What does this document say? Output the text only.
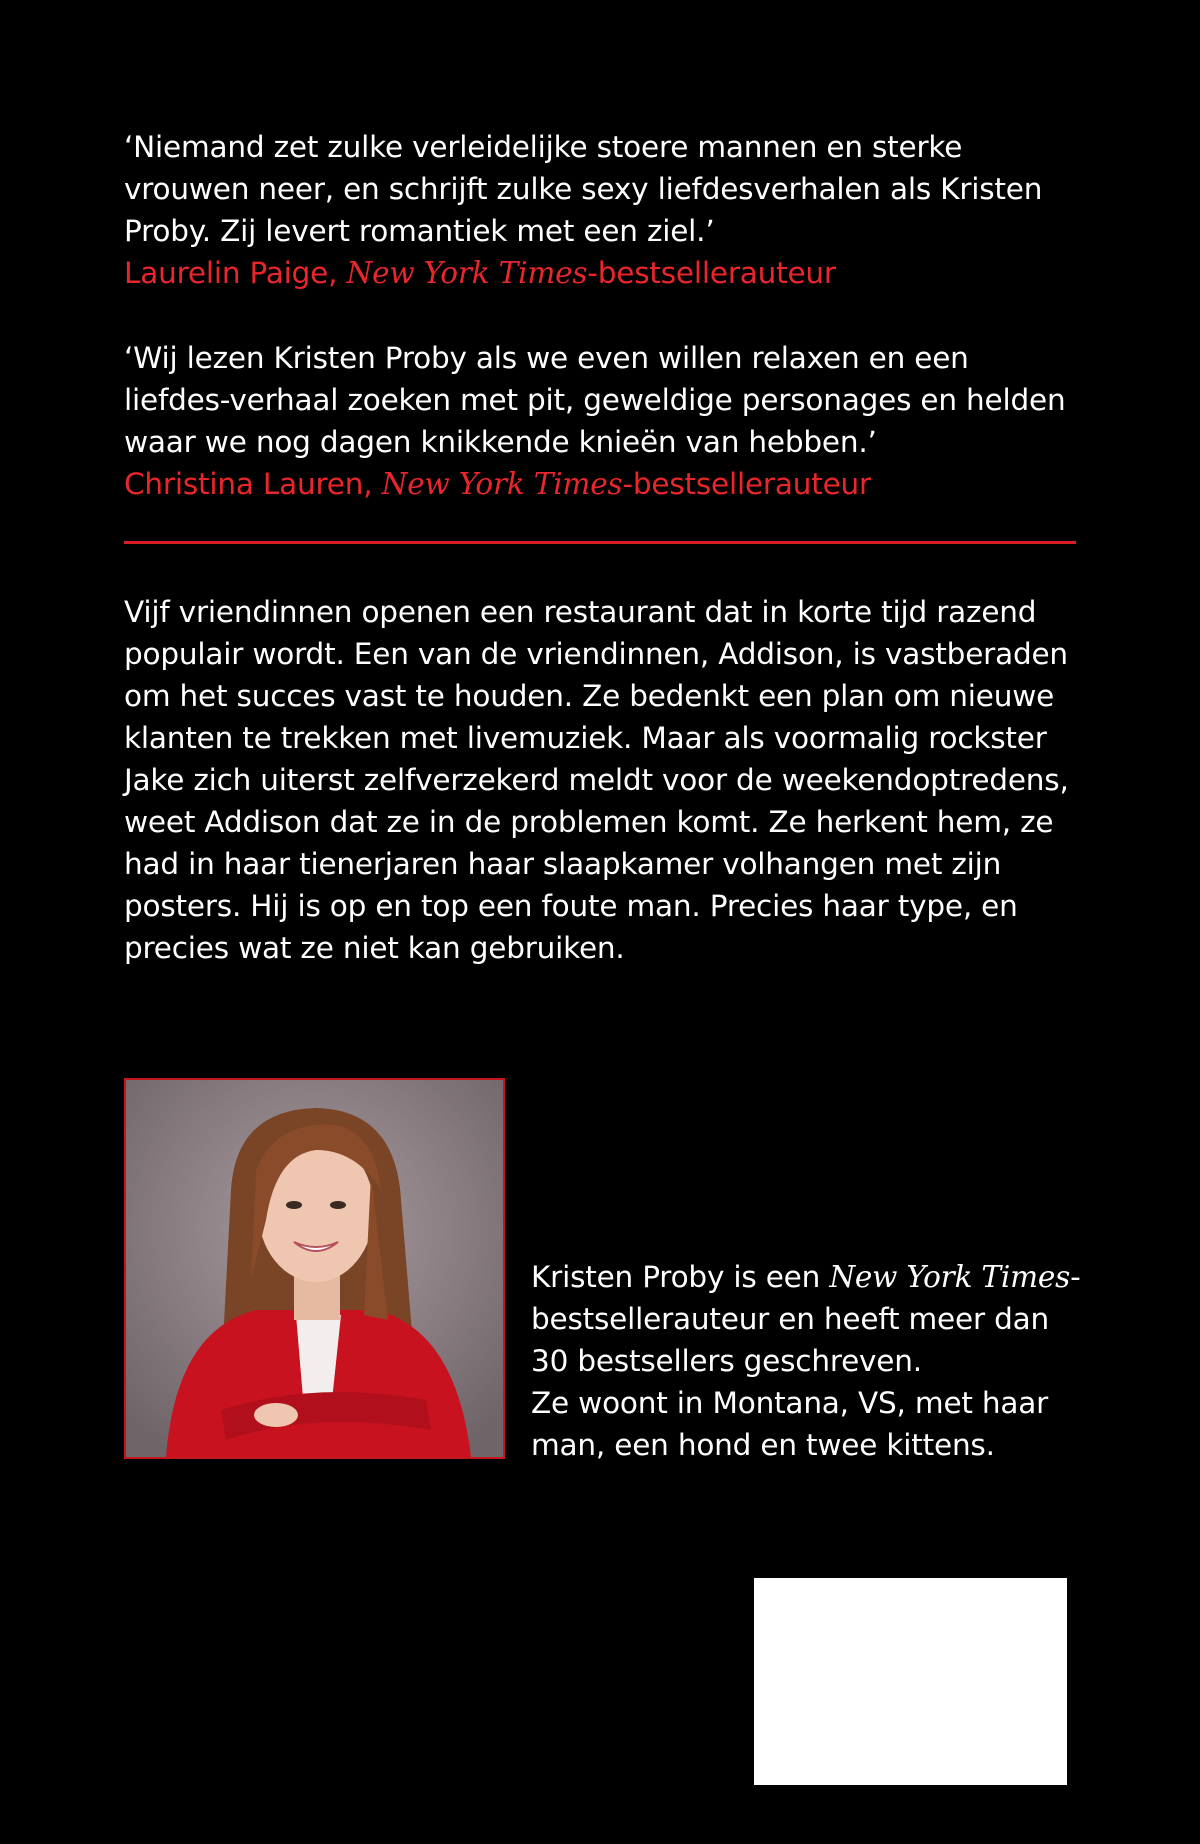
‘Niemand zet zulke verleidelijke stoere mannen en sterke vrouwen neer, en schrijft zulke sexy liefdesverhalen als Kristen Proby. Zij levert romantiek met een ziel.’

Laurelin Paige, New York Times-bestsellerauteur

‘Wij lezen Kristen Proby als we even willen relaxen en een liefdes-verhaal zoeken met pit, geweldige personages en helden waar we nog dagen knikkende knieën van hebben.’

Christina Lauren, New York Times-bestsellerauteur

Vijf vriendinnen openen een restaurant dat in korte tijd razend populair wordt. Een van de vriendinnen, Addison, is vastberaden om het succes vast te houden. Ze bedenkt een plan om nieuwe klanten te trekken met livemuziek. Maar als voormalig rockster Jake zich uiterst zelfverzekerd meldt voor de weekendoptredens, weet Addison dat ze in de problemen komt. Ze herkent hem, ze had in haar tienerjaren haar slaapkamer volhangen met zijn posters. Hij is op en top een foute man. Precies haar type, en precies wat ze niet kan gebruiken.

Kristen Proby is een New York Times-bestsellerauteur en heeft meer dan 30 bestsellers geschreven.
Ze woont in Montana, VS, met haar man, een hond en twee kittens.
